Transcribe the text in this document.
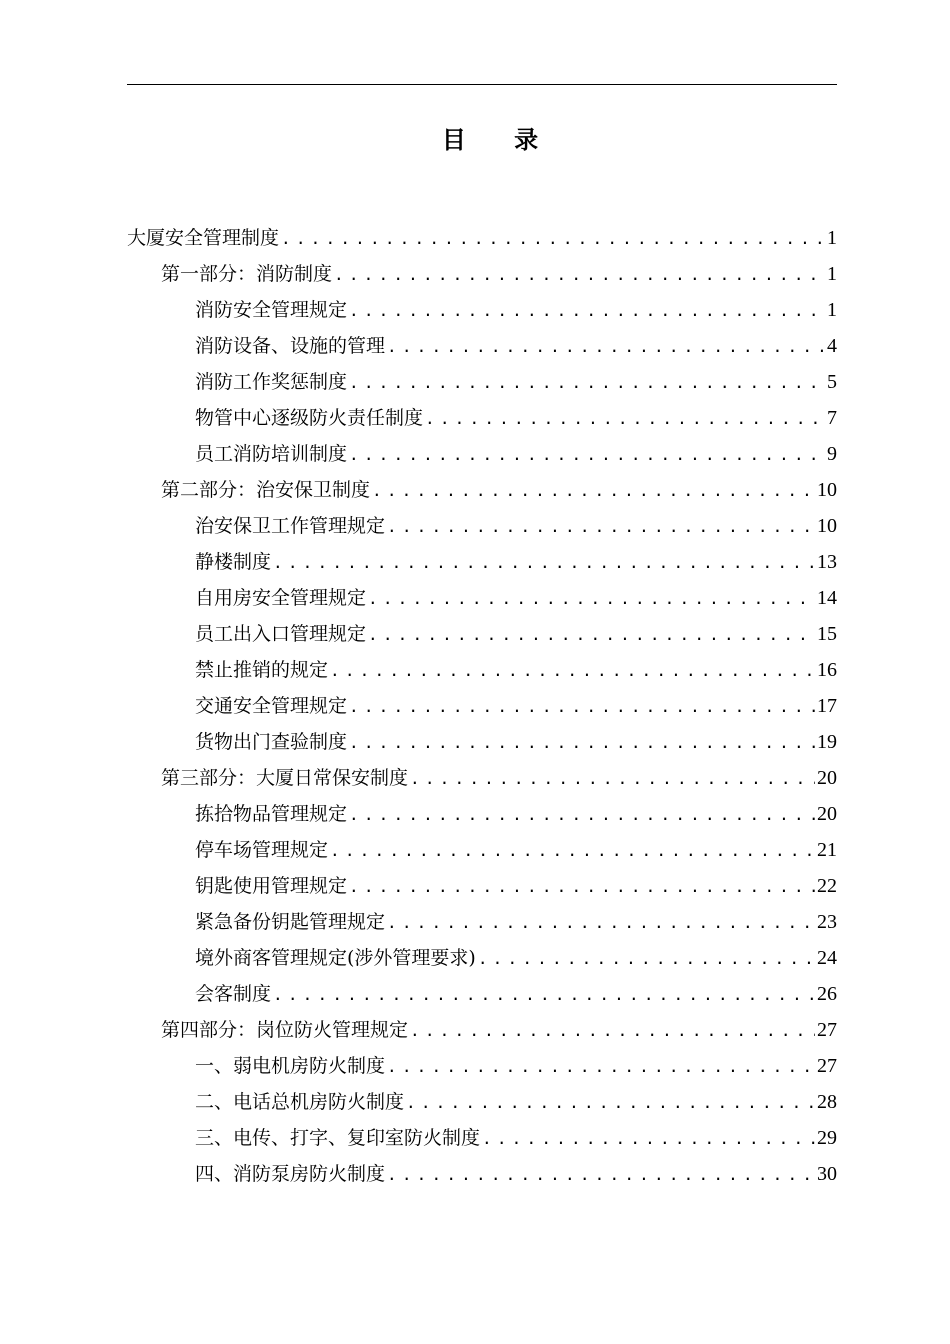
目 录
大厦安全管理制度 .....	1
第一部分：消防制度 .....	1
消防安全管理规定 .....	1
消防设备、设施的管理 .....	4
消防工作奖惩制度 .....	5
物管中心逐级防火责任制度 .....	7
员工消防培训制度 .....	9
第二部分：治安保卫制度 .....	10
治安保卫工作管理规定 .....	10
静楼制度 .....	13
自用房安全管理规定 .....	14
员工出入口管理规定 .....	15
禁止推销的规定 .....	16
交通安全管理规定 .....	17
货物出门查验制度 .....	19
第三部分：大厦日常保安制度 .....	20
拣拾物品管理规定 .....	20
停车场管理规定 .....	21
钥匙使用管理规定 .....	22
紧急备份钥匙管理规定 .....	23
境外商客管理规定(涉外管理要求) .....	24
会客制度 .....	26
第四部分：岗位防火管理规定 .....	27
一、弱电机房防火制度 .....	27
二、电话总机房防火制度 .....	28
三、电传、打字、复印室防火制度 .....	29
四、消防泵房防火制度 .....	30
